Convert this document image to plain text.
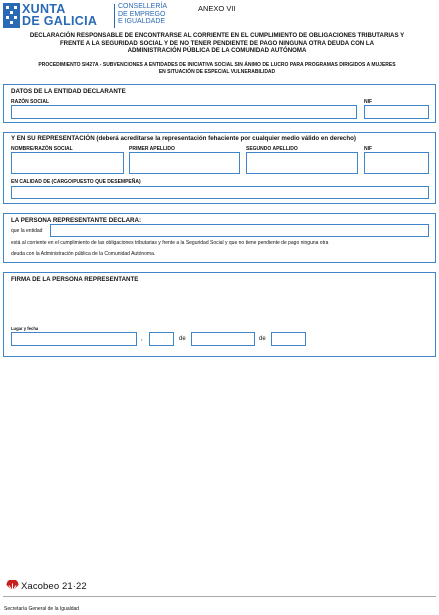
XUNTA
DE GALICIA
CONSELLERÍA
DE EMPREGO
E IGUALDADE
ANEXO VII
DECLARACIÓN RESPONSABLE DE ENCONTRARSE AL CORRIENTE EN EL CUMPLIMIENTO DE OBLIGACIONES TRIBUTARIAS Y
FRENTE A LA SEGURIDAD SOCIAL Y DE NO TENER PENDIENTE DE PAGO NINGUNA OTRA DEUDA CON LA
ADMINISTRACIÓN PÚBLICA DE LA COMUNIDAD AUTÓNOMA
PROCEDIMIENTO SI427A - SUBVENCIONES A ENTIDADES DE INICIATIVA SOCIAL SIN ÁNIMO DE LUCRO PARA PROGRAMAS DIRIGIDOS A MUJERES
EN SITUACIÓN DE ESPECIAL VULNERABILIDAD
DATOS DE LA ENTIDAD DECLARANTE
RAZÓN SOCIAL	NIF
Y EN SU REPRESENTACIÓN (deberá acreditarse la representación fehaciente por cualquier medio válido en derecho)
NOMBRE/RAZÓN SOCIAL	PRIMER APELLIDO	SEGUNDO APELLIDO	NIF
EN CALIDAD DE (CARGO/PUESTO QUE DESEMPEÑA)
LA PERSONA REPRESENTANTE DECLARA:
que la entidad
está al corriente en el cumplimiento de las obligaciones tributarias y frente a la Seguridad Social y que no tiene pendiente de pago ninguna otra
deuda con la Administración pública de la Comunidad Autónoma.
FIRMA DE LA PERSONA REPRESENTANTE
Lugar y fecha
,	de	de
Xacobeo 21·22
Secretaría General de la Igualdad
